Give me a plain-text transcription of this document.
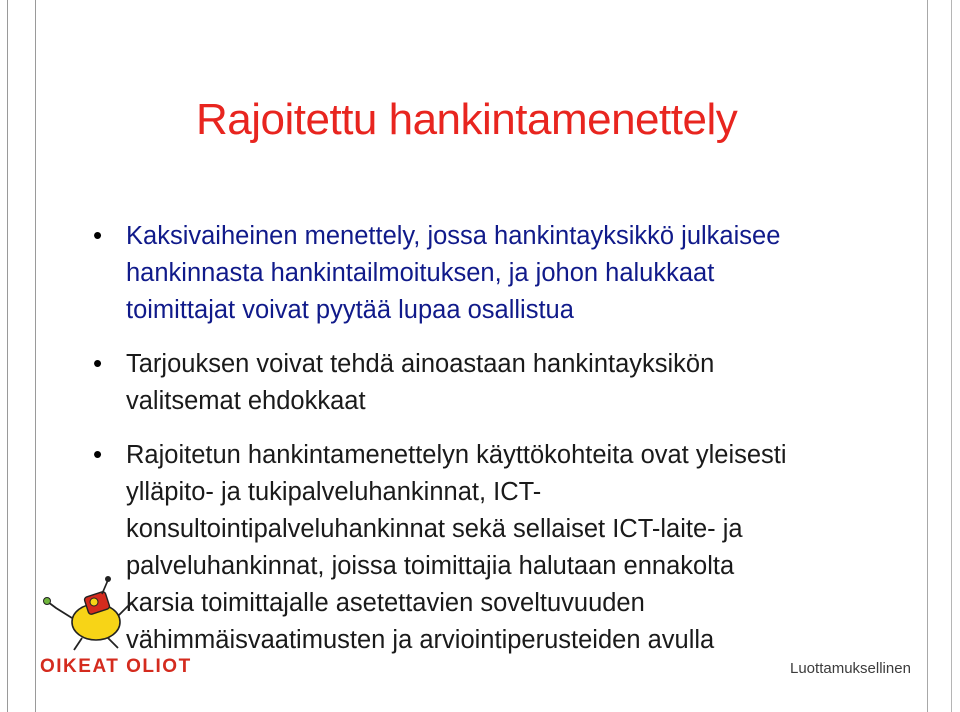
Rajoitettu hankintamenettely
• Kaksivaiheinen menettely, jossa hankintayksikkö julkaisee
hankinnasta hankintailmoituksen, ja johon halukkaat
toimittajat voivat pyytää lupaa osallistua
• Tarjouksen voivat tehdä ainoastaan hankintayksikön
valitsemat ehdokkaat
• Rajoitetun hankintamenettelyn käyttökohteita ovat yleisesti
ylläpito- ja tukipalveluhankinnat, ICT-
konsultointipalveluhankinnat sekä sellaiset ICT-laite- ja
palveluhankinnat, joissa toimittajia halutaan ennakolta
karsia toimittajalle asetettavien soveltuvuuden
vähimmäisvaatimusten ja arviointiperusteiden avulla
OIKEAT OLIOT	Luottamuksellinen
